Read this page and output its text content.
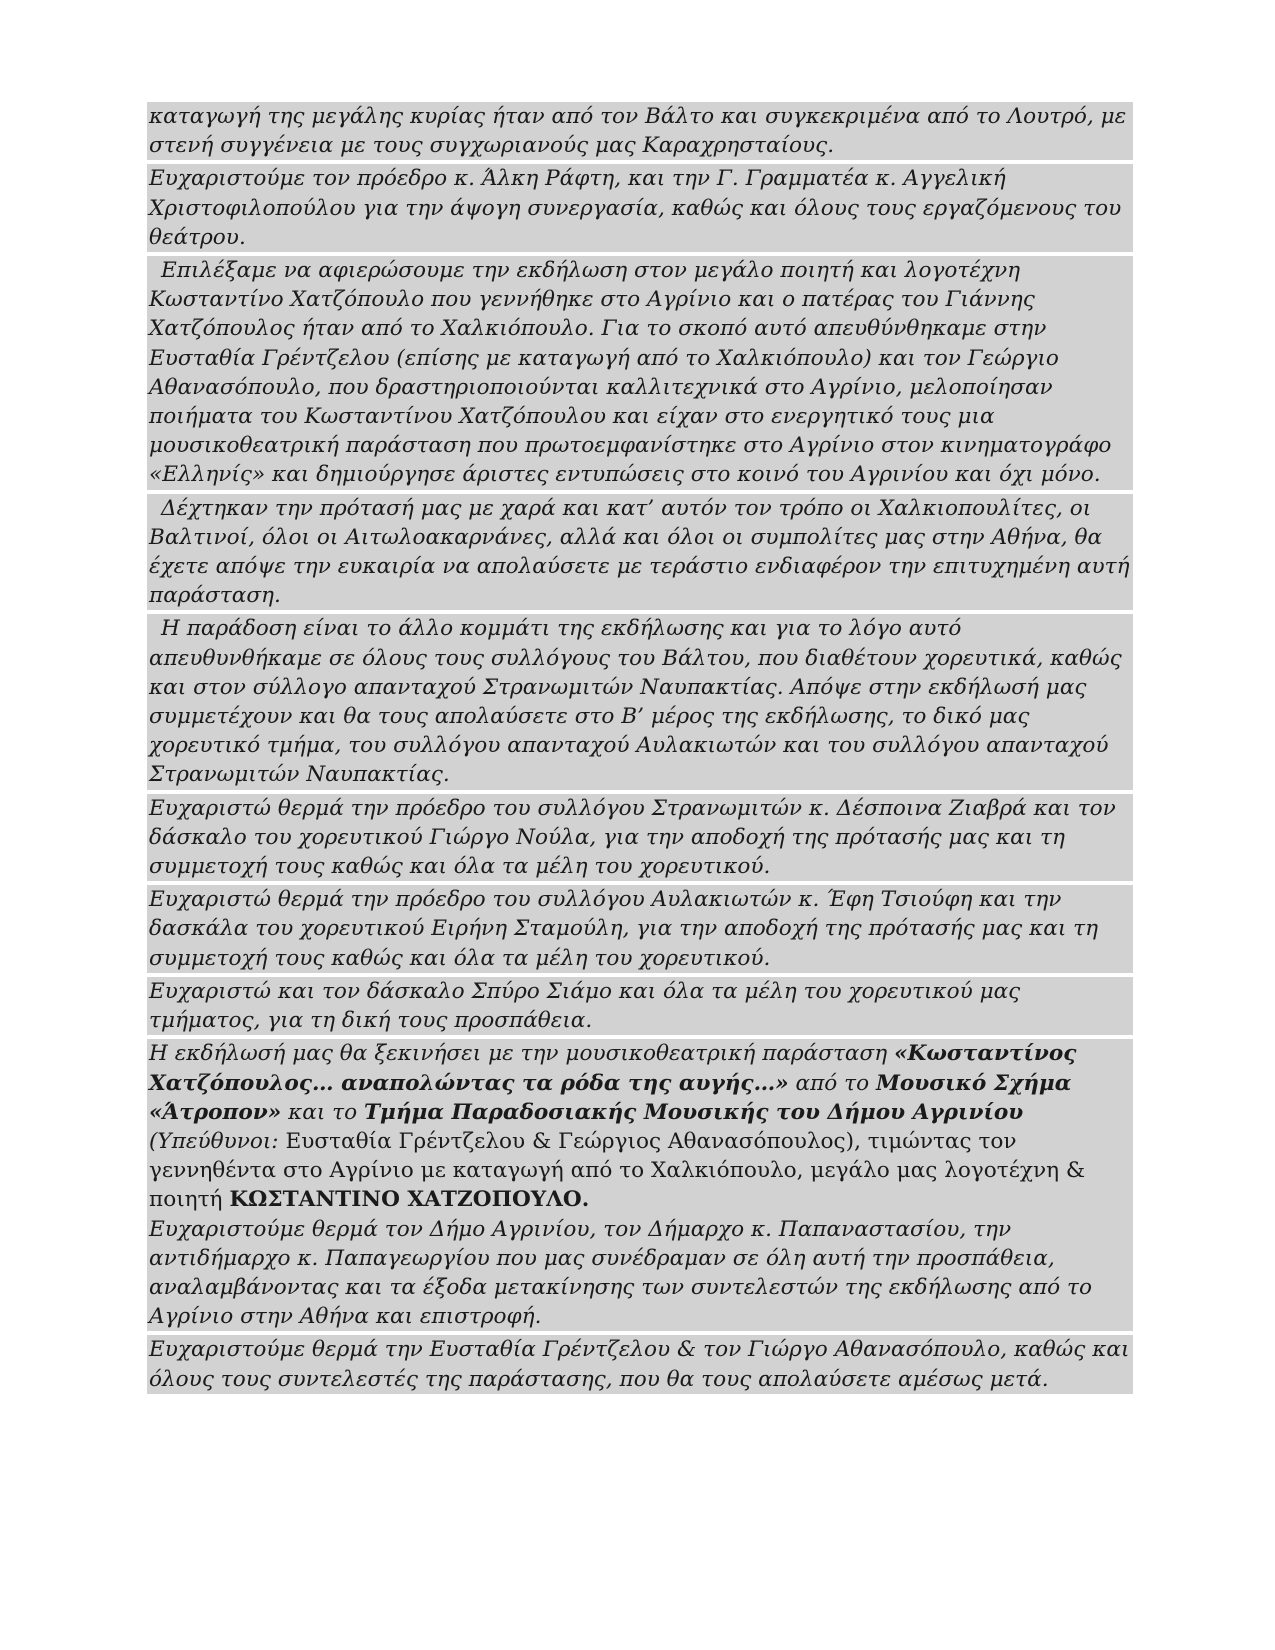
καταγωγή της μεγάλης κυρίας ήταν από τον Βάλτο και συγκεκριμένα από το Λουτρό, με στενή συγγένεια με τους συγχωριανούς μας Καραχρησταίους.

Ευχαριστούμε τον πρόεδρο κ. Άλκη Ράφτη, και την Γ. Γραμματέα κ. Αγγελική Χριστοφιλοπούλου για την άψογη συνεργασία, καθώς και όλους τους εργαζόμενους του θεάτρου.

Επιλέξαμε να αφιερώσουμε την εκδήλωση στον μεγάλο ποιητή και λογοτέχνη Κωσταντίνο Χατζόπουλο που γεννήθηκε στο Αγρίνιο και ο πατέρας του Γιάννης Χατζόπουλος ήταν από το Χαλκιόπουλο. Για το σκοπό αυτό απευθύνθηκαμε στην Ευσταθία Γρέντζελου (επίσης με καταγωγή από το Χαλκιόπουλο) και τον Γεώργιο Αθανασόπουλο, που δραστηριοποιούνται καλλιτεχνικά στο Αγρίνιο, μελοποίησαν ποιήματα του Κωσταντίνου Χατζόπουλου και είχαν στο ενεργητικό τους μια μουσικοθεατρική παράσταση που πρωτοεμφανίστηκε στο Αγρίνιο στον κινηματογράφο «Ελληνίς» και δημιούργησε άριστες εντυπώσεις στο κοινό του Αγρινίου και όχι μόνο.

Δέχτηκαν την πρότασή μας με χαρά και κατ’ αυτόν τον τρόπο οι Χαλκιοπουλίτες, οι Βαλτινοί, όλοι οι Αιτωλοακαρνάνες, αλλά και όλοι οι συμπολίτες μας στην Αθήνα, θα έχετε απόψε την ευκαιρία να απολαύσετε με τεράστιο ενδιαφέρον την επιτυχημένη αυτή παράσταση.

Η παράδοση είναι το άλλο κομμάτι της εκδήλωσης και για το λόγο αυτό απευθυνθήκαμε σε όλους τους συλλόγους του Βάλτου, που διαθέτουν χορευτικά, καθώς και στον σύλλογο απανταχού Στρανωμιτών Ναυπακτίας. Απόψε στην εκδήλωσή μας συμμετέχουν και θα τους απολαύσετε στο Β’ μέρος της εκδήλωσης, το δικό μας χορευτικό τμήμα, του συλλόγου απανταχού Αυλακιωτών και του συλλόγου απανταχού Στρανωμιτών Ναυπακτίας.

Ευχαριστώ θερμά την πρόεδρο του συλλόγου Στρανωμιτών κ. Δέσποινα Ζιαβρά και τον δάσκαλο του χορευτικού Γιώργο Νούλα, για την αποδοχή της πρότασής μας και τη συμμετοχή τους καθώς και όλα τα μέλη του χορευτικού.

Ευχαριστώ θερμά την πρόεδρο του συλλόγου Αυλακιωτών κ. Έφη Τσιούφη και την δασκάλα του χορευτικού Ειρήνη Σταμούλη, για την αποδοχή της πρότασής μας και τη συμμετοχή τους καθώς και όλα τα μέλη του χορευτικού.

Ευχαριστώ και τον δάσκαλο Σπύρο Σιάμο και όλα τα μέλη του χορευτικού μας τμήματος, για τη δική τους προσπάθεια.

Η εκδήλωσή μας θα ξεκινήσει με την μουσικοθεατρική παράσταση «Κωσταντίνος Χατζόπουλος… αναπολώντας τα ρόδα της αυγής…» από το Μουσικό Σχήμα «Άτροπον» και το Τμήμα Παραδοσιακής Μουσικής του Δήμου Αγρινίου (Υπεύθυνοι: Ευσταθία Γρέντζελου & Γεώργιος Αθανασόπουλος), τιμώντας τον γεννηθέντα στο Αγρίνιο με καταγωγή από το Χαλκιόπουλο, μεγάλο μας λογοτέχνη & ποιητή ΚΩΣΤΑΝΤΙΝΟ ΧΑΤΖΟΠΟΥΛΟ.

Ευχαριστούμε θερμά τον Δήμο Αγρινίου, τον Δήμαρχο κ. Παπαναστασίου, την αντιδήμαρχο κ. Παπαγεωργίου που μας συνέδραμαν σε όλη αυτή την προσπάθεια, αναλαμβάνοντας και τα έξοδα μετακίνησης των συντελεστών της εκδήλωσης από το Αγρίνιο στην Αθήνα και επιστροφή.

Ευχαριστούμε θερμά την Ευσταθία Γρέντζελου & τον Γιώργο Αθανασόπουλο, καθώς και όλους τους συντελεστές της παράστασης, που θα τους απολαύσετε αμέσως μετά.
